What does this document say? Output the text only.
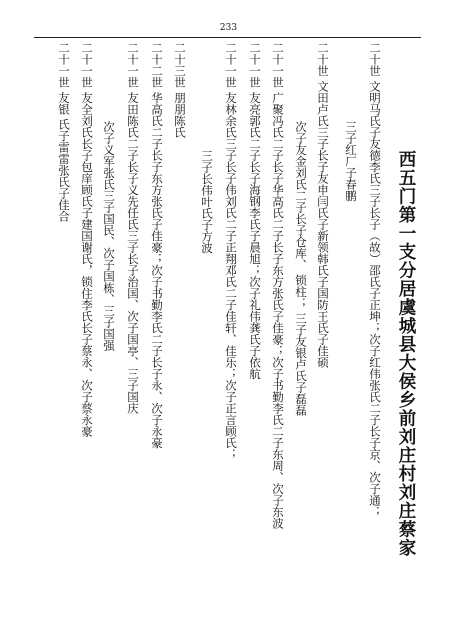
233
西五门第一支分居虞城县大侯乡前刘庄村刘庄蔡家
二十世 文明马氏子友德李氏三子长子（故）邵氏子正坤；次子红伟张氏二子长子京、次子通；
三子红厂子春鹏
二十世 文田卢氏三子长子友申闫氏子新领韩氏子国防王氏子佳硕
次子友金刘氏二子长子仓库、 锁柱； 三子友银卢氏子磊磊
二十一世 广聚冯氏二子长子华高氏二子长子东方张氏子佳豪；次子书勤李氏二子东周、次子东波
二十一世 友亮郭氏二子长子海钢李氏子晨旭；次子礼伟龚氏子依航
二十一世 友林余氏三子长子伟刘氏二子正翔邓氏二子佳轩、佳乐；次子正言顾氏；
三子长伟叶氏子方波
二十三世 朋朋陈氏
二十二世 华高氏二子长子东方张氏子佳豪；次子书勤李氏二子长子永、次子永豪
二十一世 友田陈氏二子长子义先任氏三子长子治国、次子国亭、三子国庆
次子义军张氏三子国民、次子国栋、三子国强
二十一世 友全刘氏长子包庠顾氏子建国谢氏，锁住李氏长子蔡永、次子蔡永豪
二十一世 友银 氏子雷雷张氏子佳合
